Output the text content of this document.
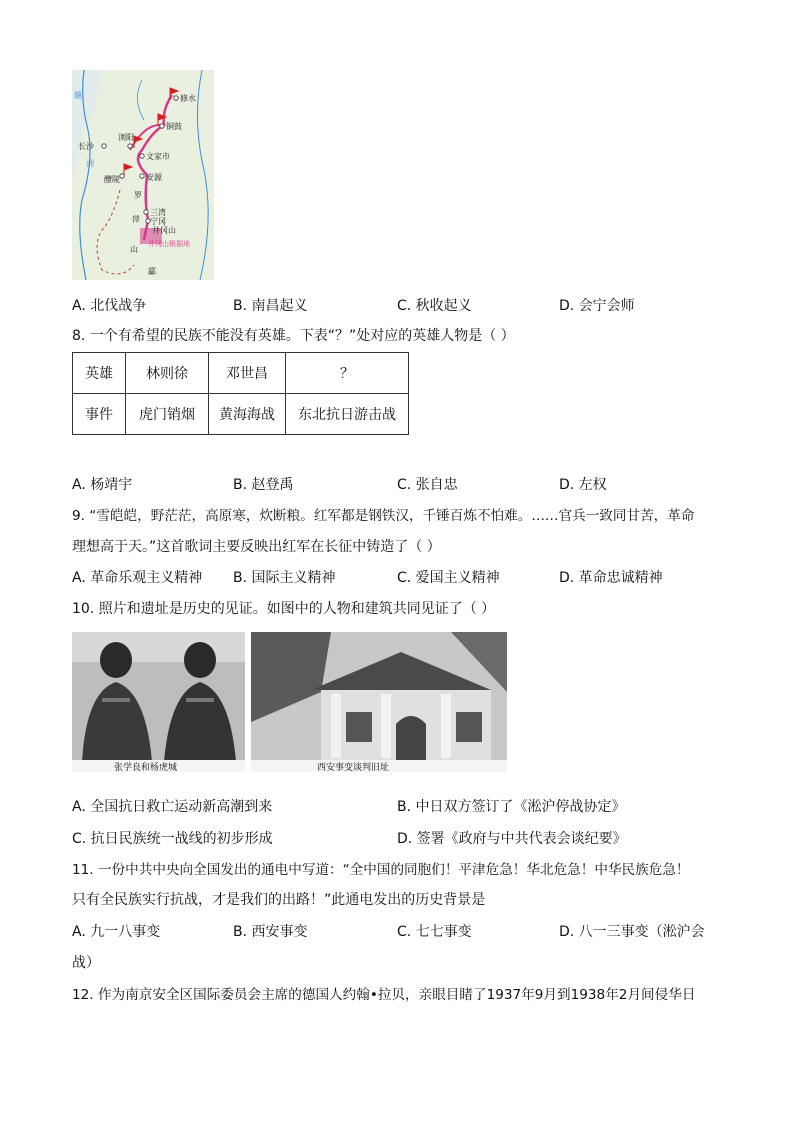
修水
铜鼓
浏阳
长沙
文家市
醴陵	安源
萍
三湾
宁冈
井冈山
井冈山根据地
湘
罗
山
酃
赣
A. 北伐战争	B. 南昌起义	C. 秋收起义	D. 会宁会师
8. 一个有希望的民族不能没有英雄。下表“？”处对应的英雄人物是（ ）
英雄	林则徐	邓世昌	？
事件	虎门销烟	黄海海战	东北抗日游击战
A. 杨靖宇	B. 赵登禹	C. 张自忠	D. 左权
9. “雪皑皑，野茫茫，高原寒，炊断粮。红军都是钢铁汉，千锤百炼不怕难。……官兵一致同甘苦，革命
理想高于天。”这首歌词主要反映出红军在长征中铸造了（ ）
A. 革命乐观主义精神 B. 国际主义精神	C. 爱国主义精神	D. 革命忠诚精神
10. 照片和遗址是历史的见证。如图中的人物和建筑共同见证了（ ）
张学良和杨虎城	西安事变谈判旧址
A. 全国抗日救亡运动新高潮到来	B. 中日双方签订了《淞沪停战协定》
C. 抗日民族统一战线的初步形成	D. 签署《政府与中共代表会谈纪要》
11. 一份中共中央向全国发出的通电中写道：“全中国的同胞们！平津危急！华北危急！中华民族危急！
只有全民族实行抗战，才是我们的出路！”此通电发出的历史背景是
A. 九一八事变	B. 西安事变	C. 七七事变	D. 八一三事变（淞沪会
战）
12. 作为南京安全区国际委员会主席的德国人约翰•拉贝，亲眼目睹了1937年9月到1938年2月间侵华日
